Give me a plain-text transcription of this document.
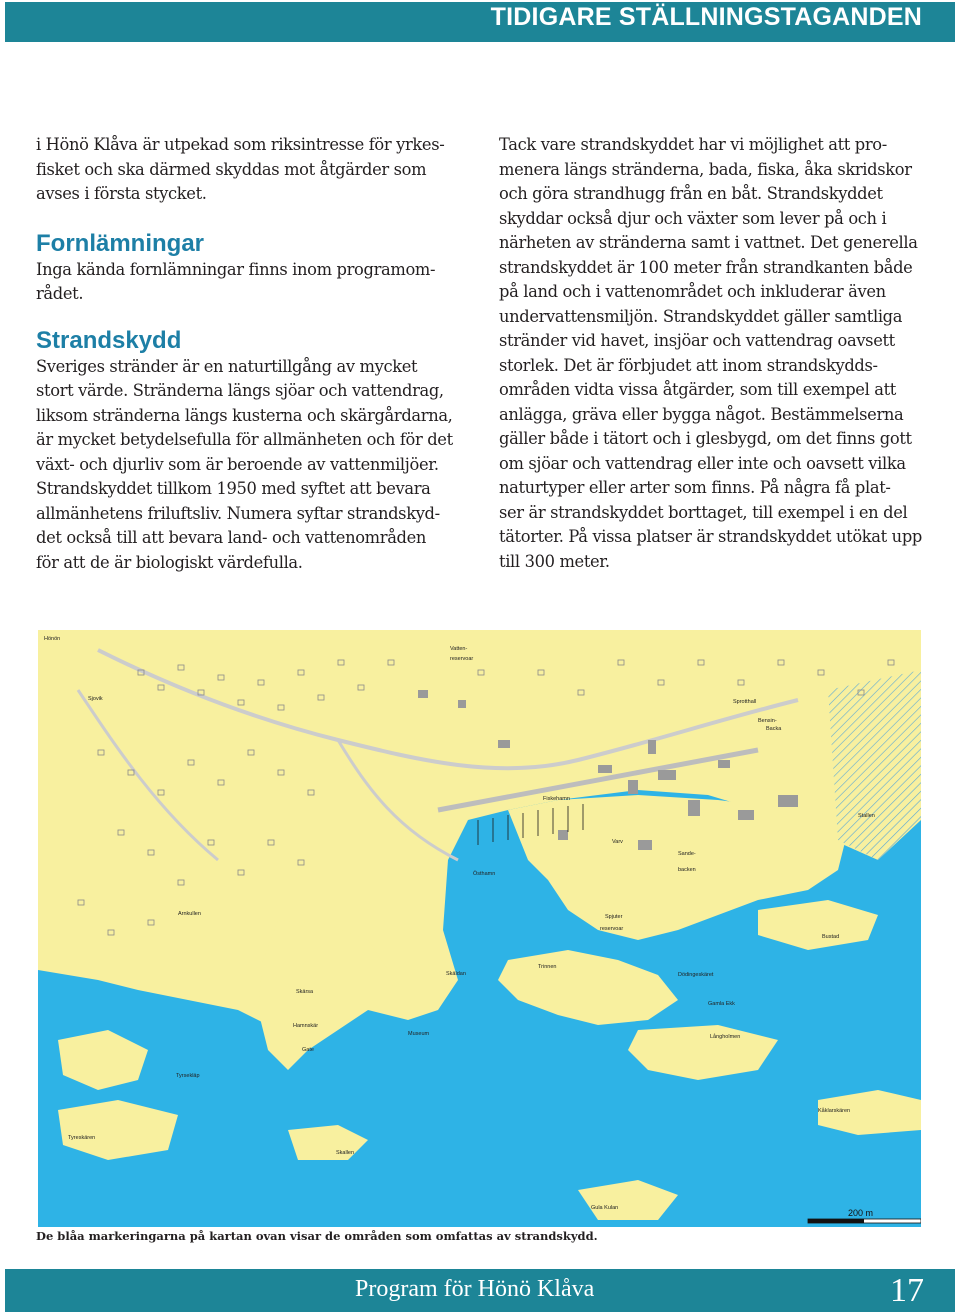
TIDIGARE STÄLLNINGSTAGANDEN

i Hönö Klåva är utpekad som riksintresse för yrkes-
fisket och ska därmed skyddas mot åtgärder som
avses i första stycket.

Fornlämningar

Inga kända fornlämningar finns inom programom-
rådet.

Strandskydd

Sveriges stränder är en naturtillgång av mycket
stort värde. Stränderna längs sjöar och vattendrag,
liksom stränderna längs kusterna och skärgårdarna,
är mycket betydelsefulla för allmänheten och för det
växt- och djurliv som är beroende av vattenmiljöer.
Strandskyddet tillkom 1950 med syftet att bevara
allmänhetens friluftsliv. Numera syftar strandskyd-
det också till att bevara land- och vattenområden
för att de är biologiskt värdefulla.

Tack vare strandskyddet har vi möjlighet att pro-
menera längs stränderna, bada, fiska, åka skridskor
och göra strandhugg från en båt. Strandskyddet
skyddar också djur och växter som lever på och i
närheten av stränderna samt i vattnet. Det generella
strandskyddet är 100 meter från strandkanten både
på land och i vattenområdet och inkluderar även
undervattensmiljön. Strandskyddet gäller samtliga
stränder vid havet, insjöar och vattendrag oavsett
storlek. Det är förbjudet att inom strandskydds-
områden vidta vissa åtgärder, som till exempel att
anlägga, gräva eller bygga något. Bestämmelserna
gäller både i tätort och i glesbygd, om det finns gott
om sjöar och vattendrag eller inte och oavsett vilka
naturtyper eller arter som finns. På några få plat-
ser är strandskyddet borttaget, till exempel i en del
tätorter. På vissa platser är strandskyddet utökat upp
till 300 meter.

Hönön
Vatten-
reservoar
Sjovik	Sprotthall
Bensin-
Backa
Fiskehamn
Stallen
Varv
Sande-
backen
Östhamn
Spjuter
reservoar
Arnkullen
Bustad
Trinnen
Dödingeskäret
Skäldan
Skärsa
Gamla Ekk
Hamnskär
Museum	Långholmen
Gate
Tyrsekläp
Tyreskären
Skallen
Kåklarskären
Gula Kulan	200 m
De blåa markeringarna på kartan ovan visar de områden som omfattas av strandskydd.
Program för Hönö Klåva	17
